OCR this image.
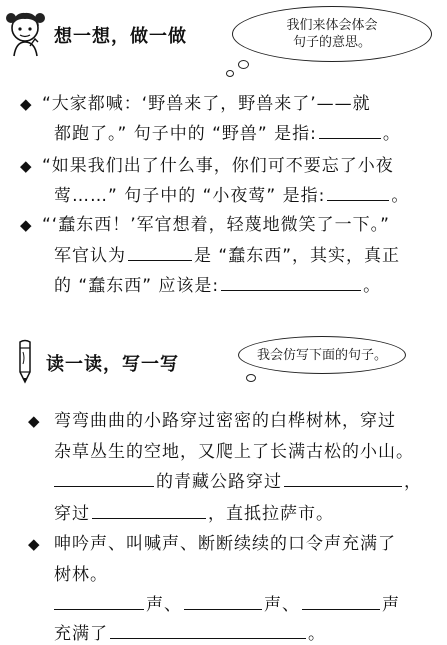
想一想，做一做
我们来体会体会
句子的意思。
◆ “大家都喊：‘野兽来了，野兽来了’——就
都跑了。” 句子中的 “野兽” 是指:	。
◆ “如果我们出了什么事，你们可不要忘了小夜
莺……” 句子中的 “小夜莺” 是指:	。
◆ “‘蠢东西！’军官想着，轻蔑地微笑了一下。”
军官认为	是 “蠢东西”，其实，真正
的 “蠢东西” 应该是:	。
读一读，写一写	我会仿写下面的句子。
◆ 弯弯曲曲的小路穿过密密的白桦树林，穿过
杂草丛生的空地，又爬上了长满古松的小山。
的青藏公路穿过	，
穿过	，直抵拉萨市。
◆ 呻吟声、叫喊声、断断续续的口令声充满了
树林。
声、	声、	声
充满了	。
